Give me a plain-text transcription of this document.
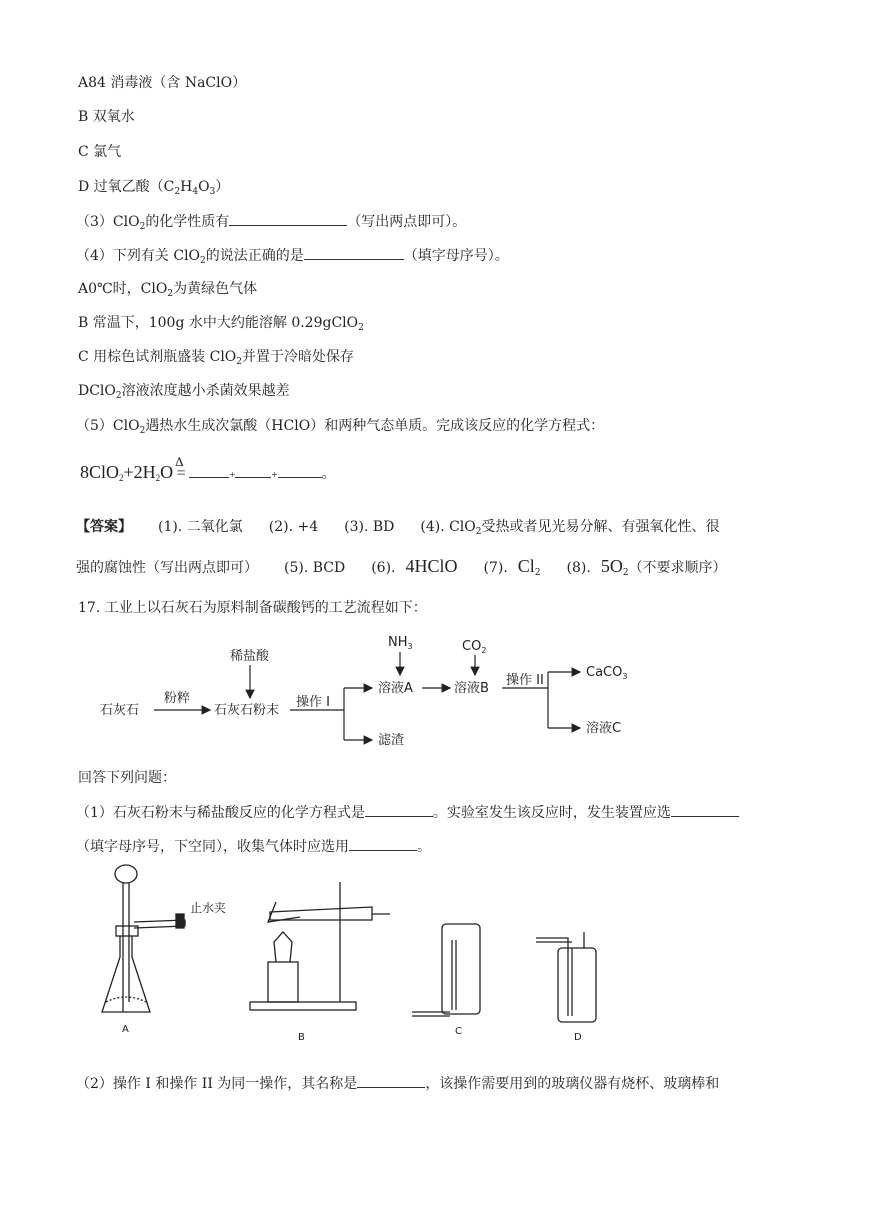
A84 消毒液（含 NaClO）
B 双氧水
C 氯气
D 过氧乙酸$(C_2H_4O_3)$
（3）ClO$_2$的化学性质有	（写出两点即可）。
（4）下列有关 ClO$_2$的说法正确的是	（填字母序号）。
A0℃时，ClO$_2$为黄绿色气体
B 常温下，100g 水中大约能溶解 0.29gClO$_2$
C 用棕色试剂瓶盛装 ClO$_2$并置于冷暗处保存
DClO$_2$溶液浓度越小杀菌效果越差
（5）ClO$_2$遇热水生成次氯酸（HClO）和两种气态单质。完成该反应的化学方程式：
$8ClO_2+2H_2O$
Δ
=	+	+	。
【答案】 (1). 二氧化氯 (2). +4 (3). BD (4). ClO$_2$受热或者见光易分解、有强氧化性、很
强的腐蚀性（写出两点即可） (5). BCD (6). 4HClO (7). $Cl_2$ (8). $5O_2$（不要求顺序）
17. 工业上以石灰石为原料制备碳酸钙的工艺流程如下：
石灰石
粉粹
稀盐酸
石灰石粉末
操作 I
溶液A
滤渣
$NH_3$	$CO_2$
溶液B
操作 II
CaCO$_3$
溶液C
回答下列问题：
（1）石灰石粉末与稀盐酸反应的化学方程式是	。实验室发生该反应时，发生装置应选
（填字母序号，下空同），收集气体时应选用	。
A
B
C
D
止水夹
（2）操作 I 和操作 II 为同一操作，其名称是	，该操作需要用到的玻璃仪器有烧杯、玻璃棒和
